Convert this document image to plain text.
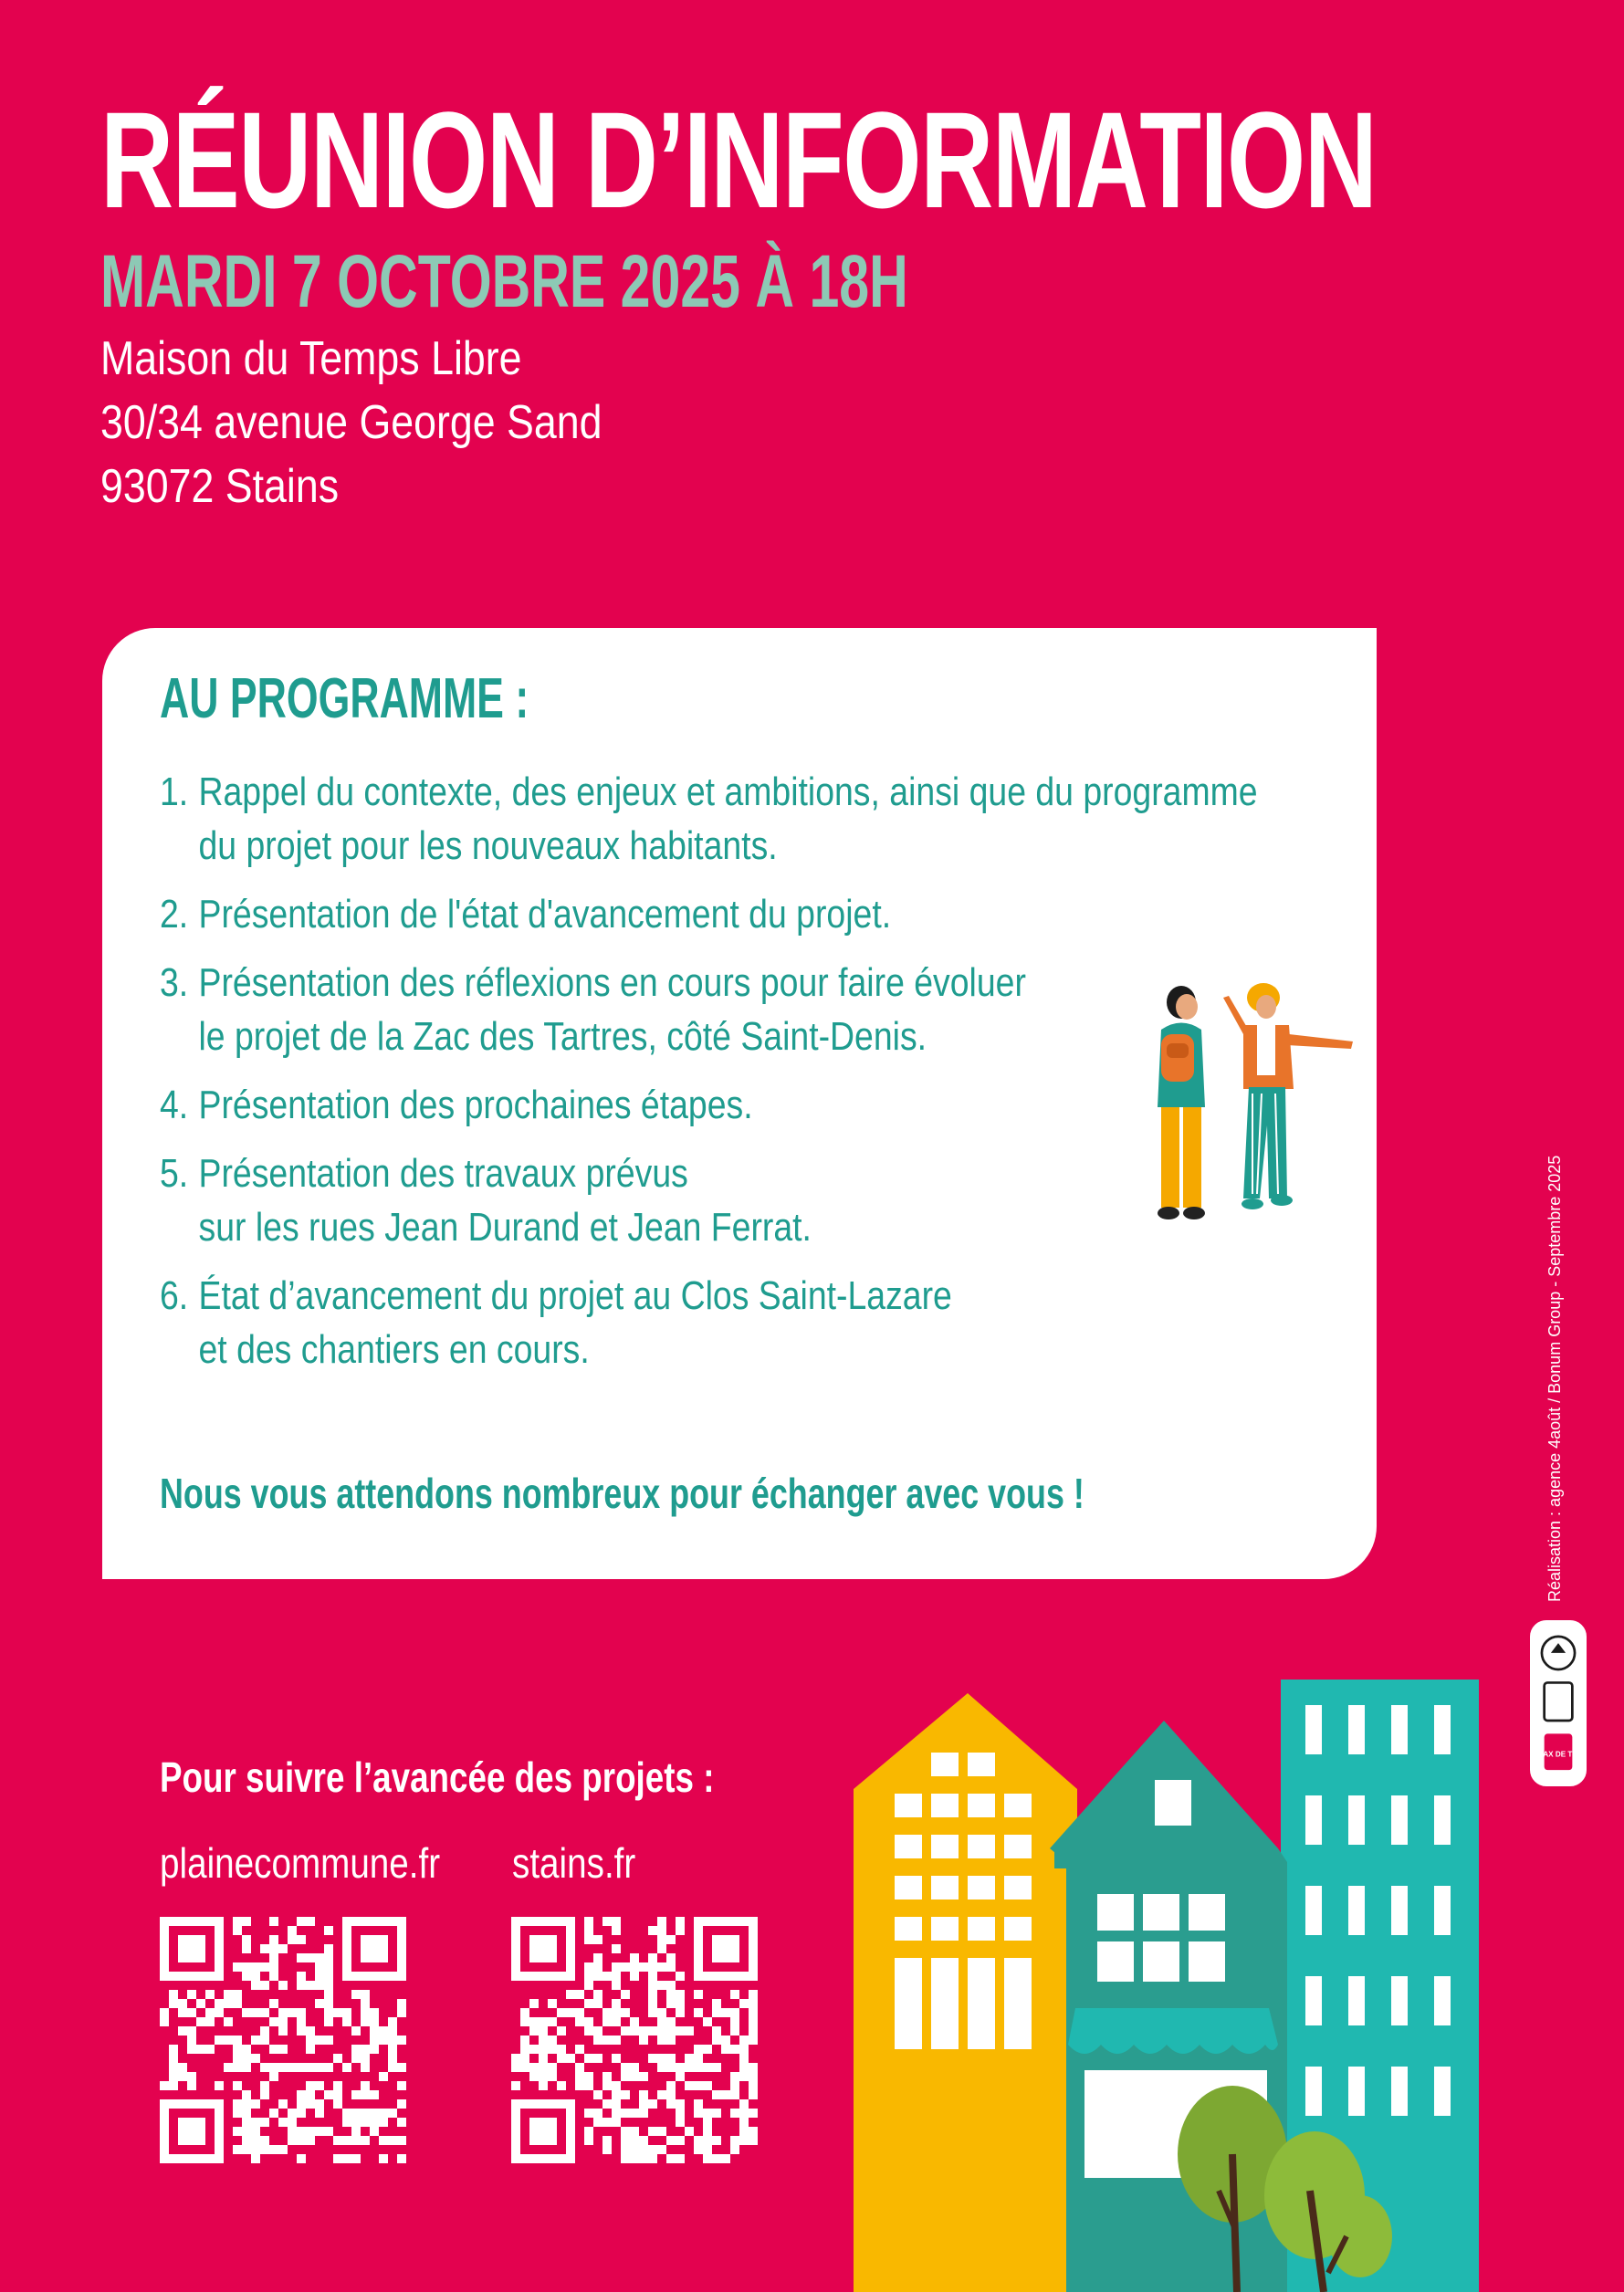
RÉUNION D’INFORMATION
MARDI 7 OCTOBRE 2025 À 18H
Maison du Temps Libre
30/34 avenue George Sand
93072 Stains
AU PROGRAMME :
1. Rappel du contexte, des enjeux et ambitions, ainsi que du programme
du projet pour les nouveaux habitants.
2. Présentation de l'état d'avancement du projet.
3. Présentation des réflexions en cours pour faire évoluer
le projet de la Zac des Tartres, côté Saint-Denis.
4. Présentation des prochaines étapes.
5. Présentation des travaux prévus
sur les rues Jean Durand et Jean Ferrat.
6. État d’avancement du projet au Clos Saint-Lazare
et des chantiers en cours.
Nous vous attendons nombreux pour échanger avec vous !
Pour suivre l’avancée des projets :
plainecommune.fr stains.fr
Réalisation : agence 4août / Bonum Group - Septembre 2025
MAX DE TRI
